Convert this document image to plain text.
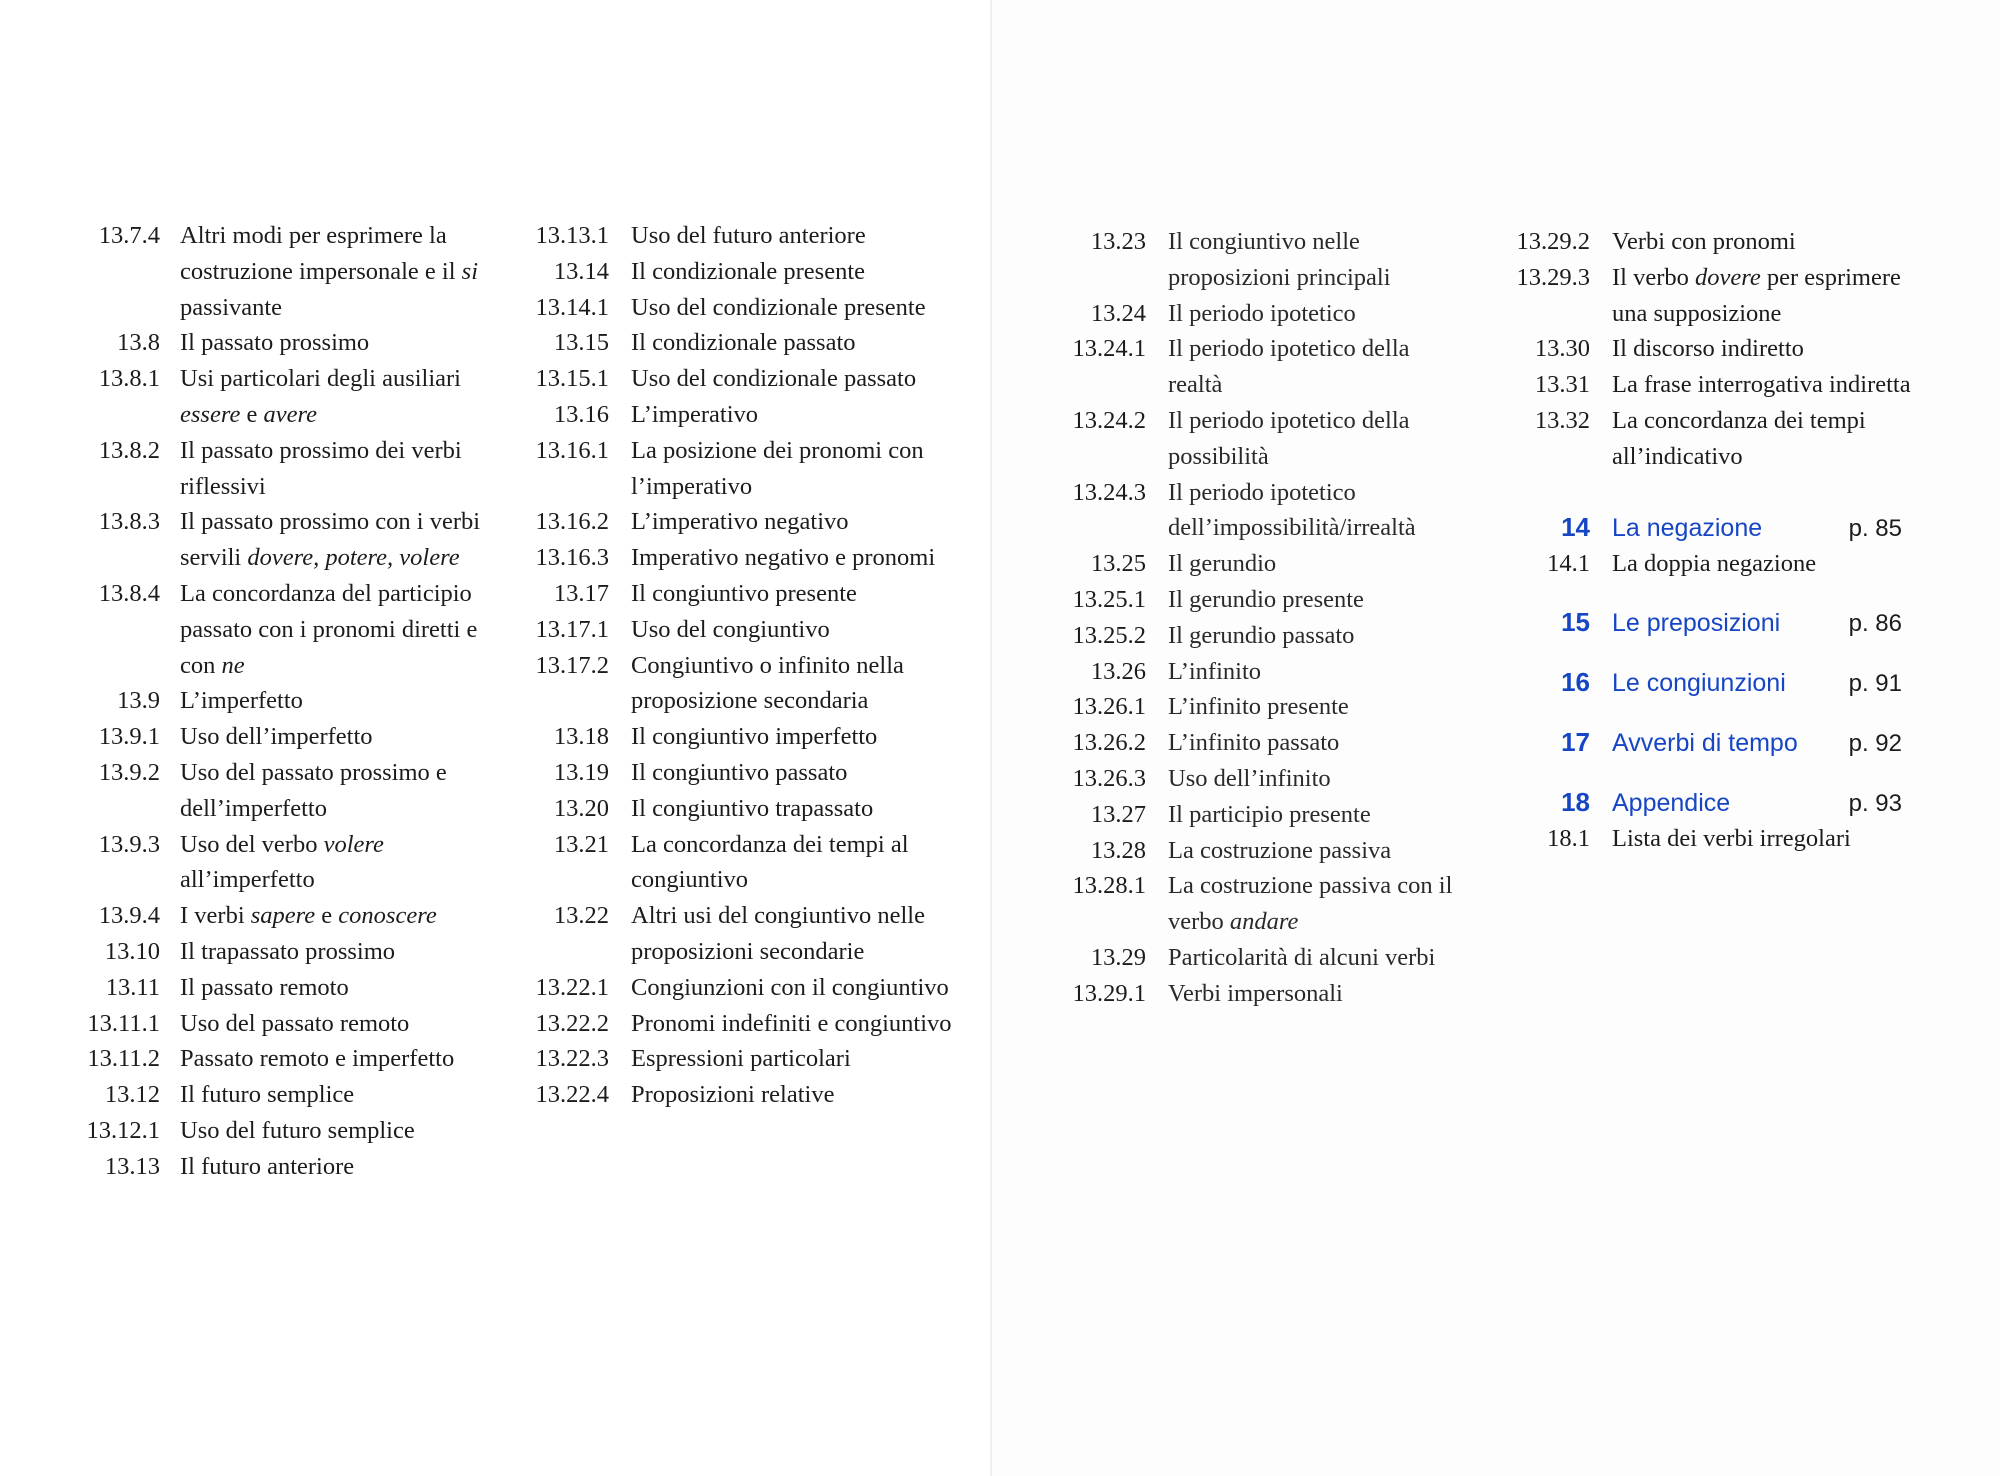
13.7.4 Altri modi per esprimere la costruzione impersonale e il si passivante
13.8 Il passato prossimo
13.8.1 Usi particolari degli ausiliari essere e avere
13.8.2 Il passato prossimo dei verbi riflessivi
13.8.3 Il passato prossimo con i verbi servili dovere, potere, volere
13.8.4 La concordanza del participio passato con i pronomi diretti e con ne
13.9 L’imperfetto
13.9.1 Uso dell’imperfetto
13.9.2 Uso del passato prossimo e dell’imperfetto
13.9.3 Uso del verbo volere all’imperfetto
13.9.4 I verbi sapere e conoscere
13.10 Il trapassato prossimo
13.11 Il passato remoto
13.11.1 Uso del passato remoto
13.11.2 Passato remoto e imperfetto
13.12 Il futuro semplice
13.12.1 Uso del futuro semplice
13.13 Il futuro anteriore
13.13.1 Uso del futuro anteriore
13.14 Il condizionale presente
13.14.1 Uso del condizionale presente
13.15 Il condizionale passato
13.15.1 Uso del condizionale passato
13.16 L’imperativo
13.16.1 La posizione dei pronomi con l’imperativo
13.16.2 L’imperativo negativo
13.16.3 Imperativo negativo e pronomi
13.17 Il congiuntivo presente
13.17.1 Uso del congiuntivo
13.17.2 Congiuntivo o infinito nella proposizione secondaria
13.18 Il congiuntivo imperfetto
13.19 Il congiuntivo passato
13.20 Il congiuntivo trapassato
13.21 La concordanza dei tempi al congiuntivo
13.22 Altri usi del congiuntivo nelle proposizioni secondarie
13.22.1 Congiunzioni con il congiuntivo
13.22.2 Pronomi indefiniti e congiuntivo
13.22.3 Espressioni particolari
13.22.4 Proposizioni relative
13.23 Il congiuntivo nelle proposizioni principali
13.24 Il periodo ipotetico
13.24.1 Il periodo ipotetico della realtà
13.24.2 Il periodo ipotetico della possibilità
13.24.3 Il periodo ipotetico dell’impossibilità/irrealtà
13.25 Il gerundio
13.25.1 Il gerundio presente
13.25.2 Il gerundio passato
13.26 L’infinito
13.26.1 L’infinito presente
13.26.2 L’infinito passato
13.26.3 Uso dell’infinito
13.27 Il participio presente
13.28 La costruzione passiva
13.28.1 La costruzione passiva con il verbo andare
13.29 Particolarità di alcuni verbi
13.29.1 Verbi impersonali
13.29.2 Verbi con pronomi
13.29.3 Il verbo dovere per esprimere una supposizione
13.30 Il discorso indiretto
13.31 La frase interrogativa indiretta
13.32 La concordanza dei tempi all’indicativo
14 La negazione	p. 85
14.1 La doppia negazione
15 Le preposizioni	p. 86
16 Le congiunzioni	p. 91
17 Avverbi di tempo	p. 92
18 Appendice	p. 93
18.1 Lista dei verbi irregolari
